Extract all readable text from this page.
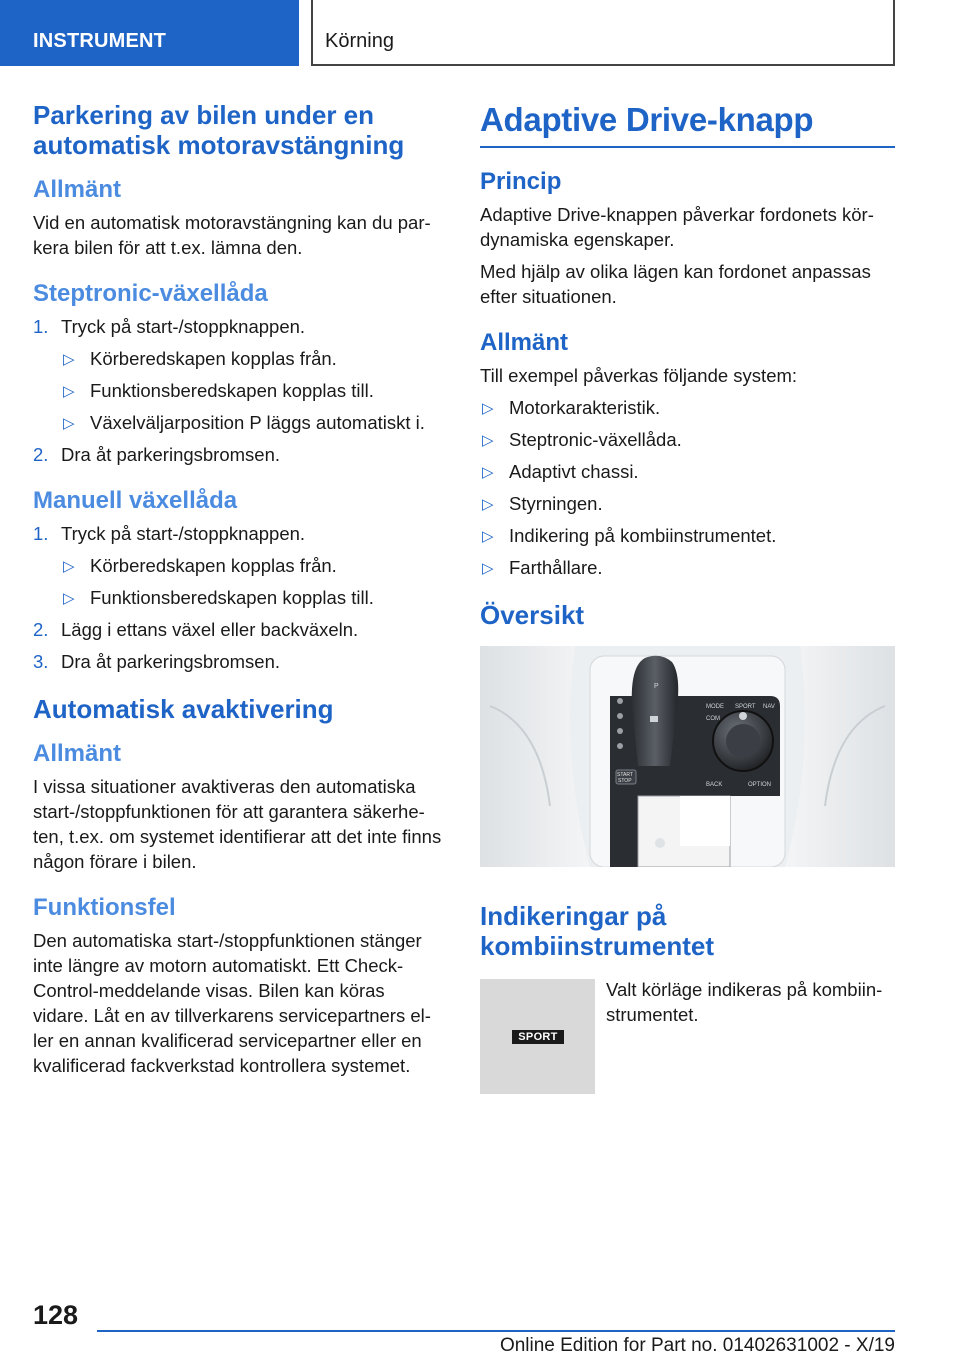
INSTRUMENT	Körning
Parkering av bilen under en automatisk motoravstängning
Allmänt

Vid en automatisk motoravstängning kan du parkera bilen för att t.ex. lämna den.

Steptronic-växellåda
1. Tryck på start-/stoppknappen.
▷ Körberedskapen kopplas från.
▷ Funktionsberedskapen kopplas till.
▷ Växelväljarposition P läggs automatiskt i.
2. Dra åt parkeringsbromsen.
Manuell växellåda
1. Tryck på start-/stoppknappen.
▷ Körberedskapen kopplas från.
▷ Funktionsberedskapen kopplas till.
2. Lägg i ettans växel eller backväxeln.
3. Dra åt parkeringsbromsen.
Automatisk avaktivering
Allmänt

I vissa situationer avaktiveras den automatiska start-/stoppfunktionen för att garantera säkerheten, t.ex. om systemet identifierar att det inte finns någon förare i bilen.

Funktionsfel

Den automatiska start-/stoppfunktionen stänger inte längre av motorn automatiskt. Ett Check-Control-meddelande visas. Bilen kan köras vidare. Låt en av tillverkarens servicepartners eller en annan kvalificerad servicepartner eller en kvalificerad fackverkstad kontrollera systemet.

Adaptive Drive-knapp
Princip

Adaptive Drive-knappen påverkar fordonets kördynamiska egenskaper.

Med hjälp av olika lägen kan fordonet anpassas efter situationen.

Allmänt

Till exempel påverkas följande system:

▷ Motorkarakteristik.
▷ Steptronic-växellåda.
▷ Adaptivt chassi.
▷ Styrningen.
▷ Indikering på kombiinstrumentet.
▷ Farthållare.
Översikt
MODE SPORT NAV
COM
BACK	OPTION
START
STOP
P
Indikeringar på kombiinstrumentet
SPORT

Valt körläge indikeras på kombiinstrumentet.

128
Online Edition for Part no. 01402631002 - X/19
